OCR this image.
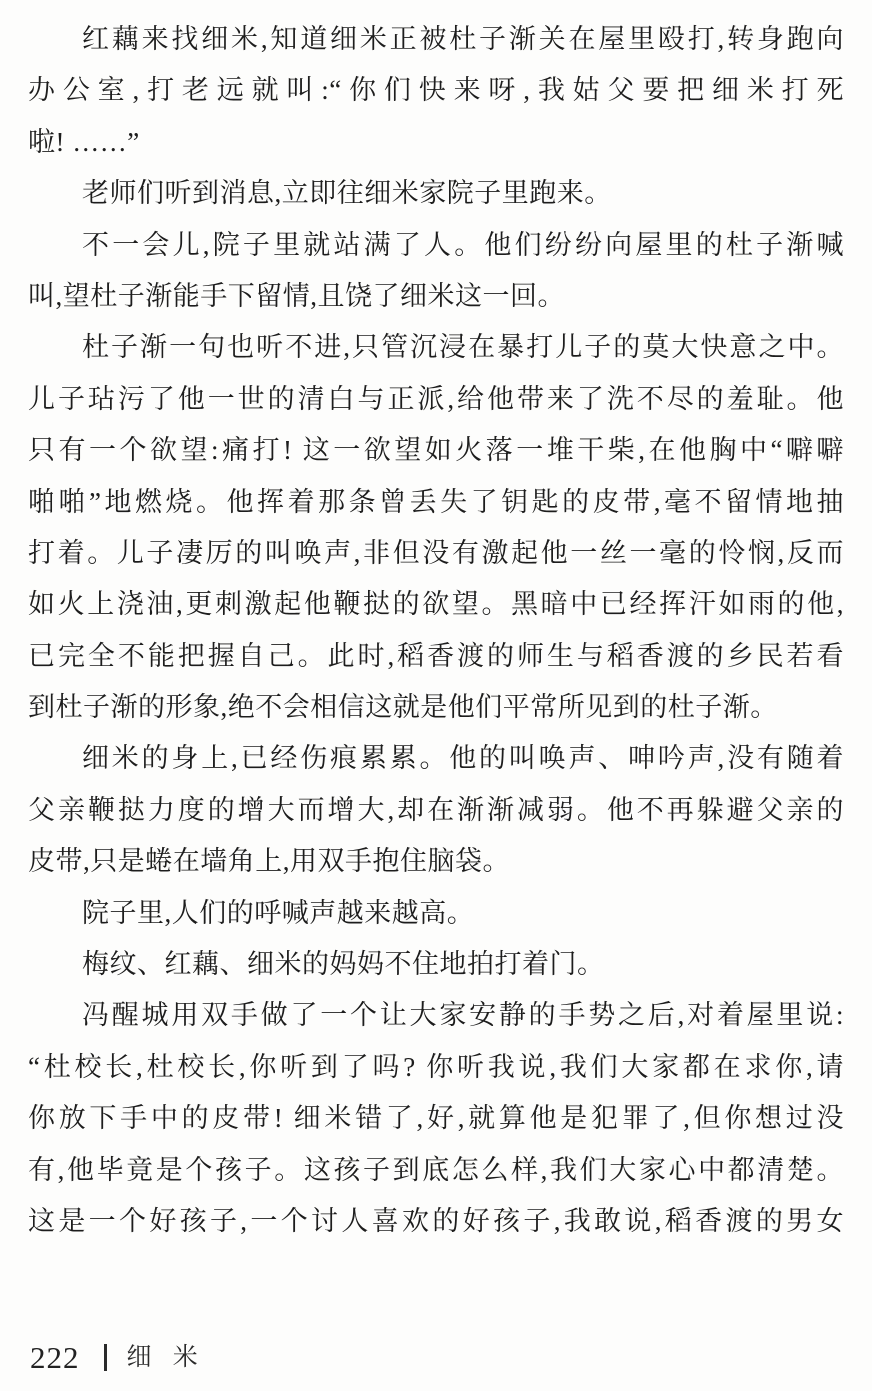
红藕来找细米,知道细米正被杜子渐关在屋里殴打,转身跑向
办公室,打老远就叫:“你们快来呀,我姑父要把细米打死
啦! ……”
老师们听到消息,立即往细米家院子里跑来。
不一会儿,院子里就站满了人。他们纷纷向屋里的杜子渐喊
叫,望杜子渐能手下留情,且饶了细米这一回。
杜子渐一句也听不进,只管沉浸在暴打儿子的莫大快意之中。
儿子玷污了他一世的清白与正派,给他带来了洗不尽的羞耻。他
只有一个欲望:痛打! 这一欲望如火落一堆干柴,在他胸中“噼噼
啪啪”地燃烧。他挥着那条曾丢失了钥匙的皮带,毫不留情地抽
打着。儿子凄厉的叫唤声,非但没有激起他一丝一毫的怜悯,反而
如火上浇油,更刺激起他鞭挞的欲望。黑暗中已经挥汗如雨的他,
已完全不能把握自己。此时,稻香渡的师生与稻香渡的乡民若看
到杜子渐的形象,绝不会相信这就是他们平常所见到的杜子渐。
细米的身上,已经伤痕累累。他的叫唤声、呻吟声,没有随着
父亲鞭挞力度的增大而增大,却在渐渐减弱。他不再躲避父亲的
皮带,只是蜷在墙角上,用双手抱住脑袋。
院子里,人们的呼喊声越来越高。
梅纹、红藕、细米的妈妈不住地拍打着门。
冯醒城用双手做了一个让大家安静的手势之后,对着屋里说:
“杜校长,杜校长,你听到了吗? 你听我说,我们大家都在求你,请
你放下手中的皮带! 细米错了,好,就算他是犯罪了,但你想过没
有,他毕竟是个孩子。这孩子到底怎么样,我们大家心中都清楚。
这是一个好孩子,一个讨人喜欢的好孩子,我敢说,稻香渡的男女
222 细米
